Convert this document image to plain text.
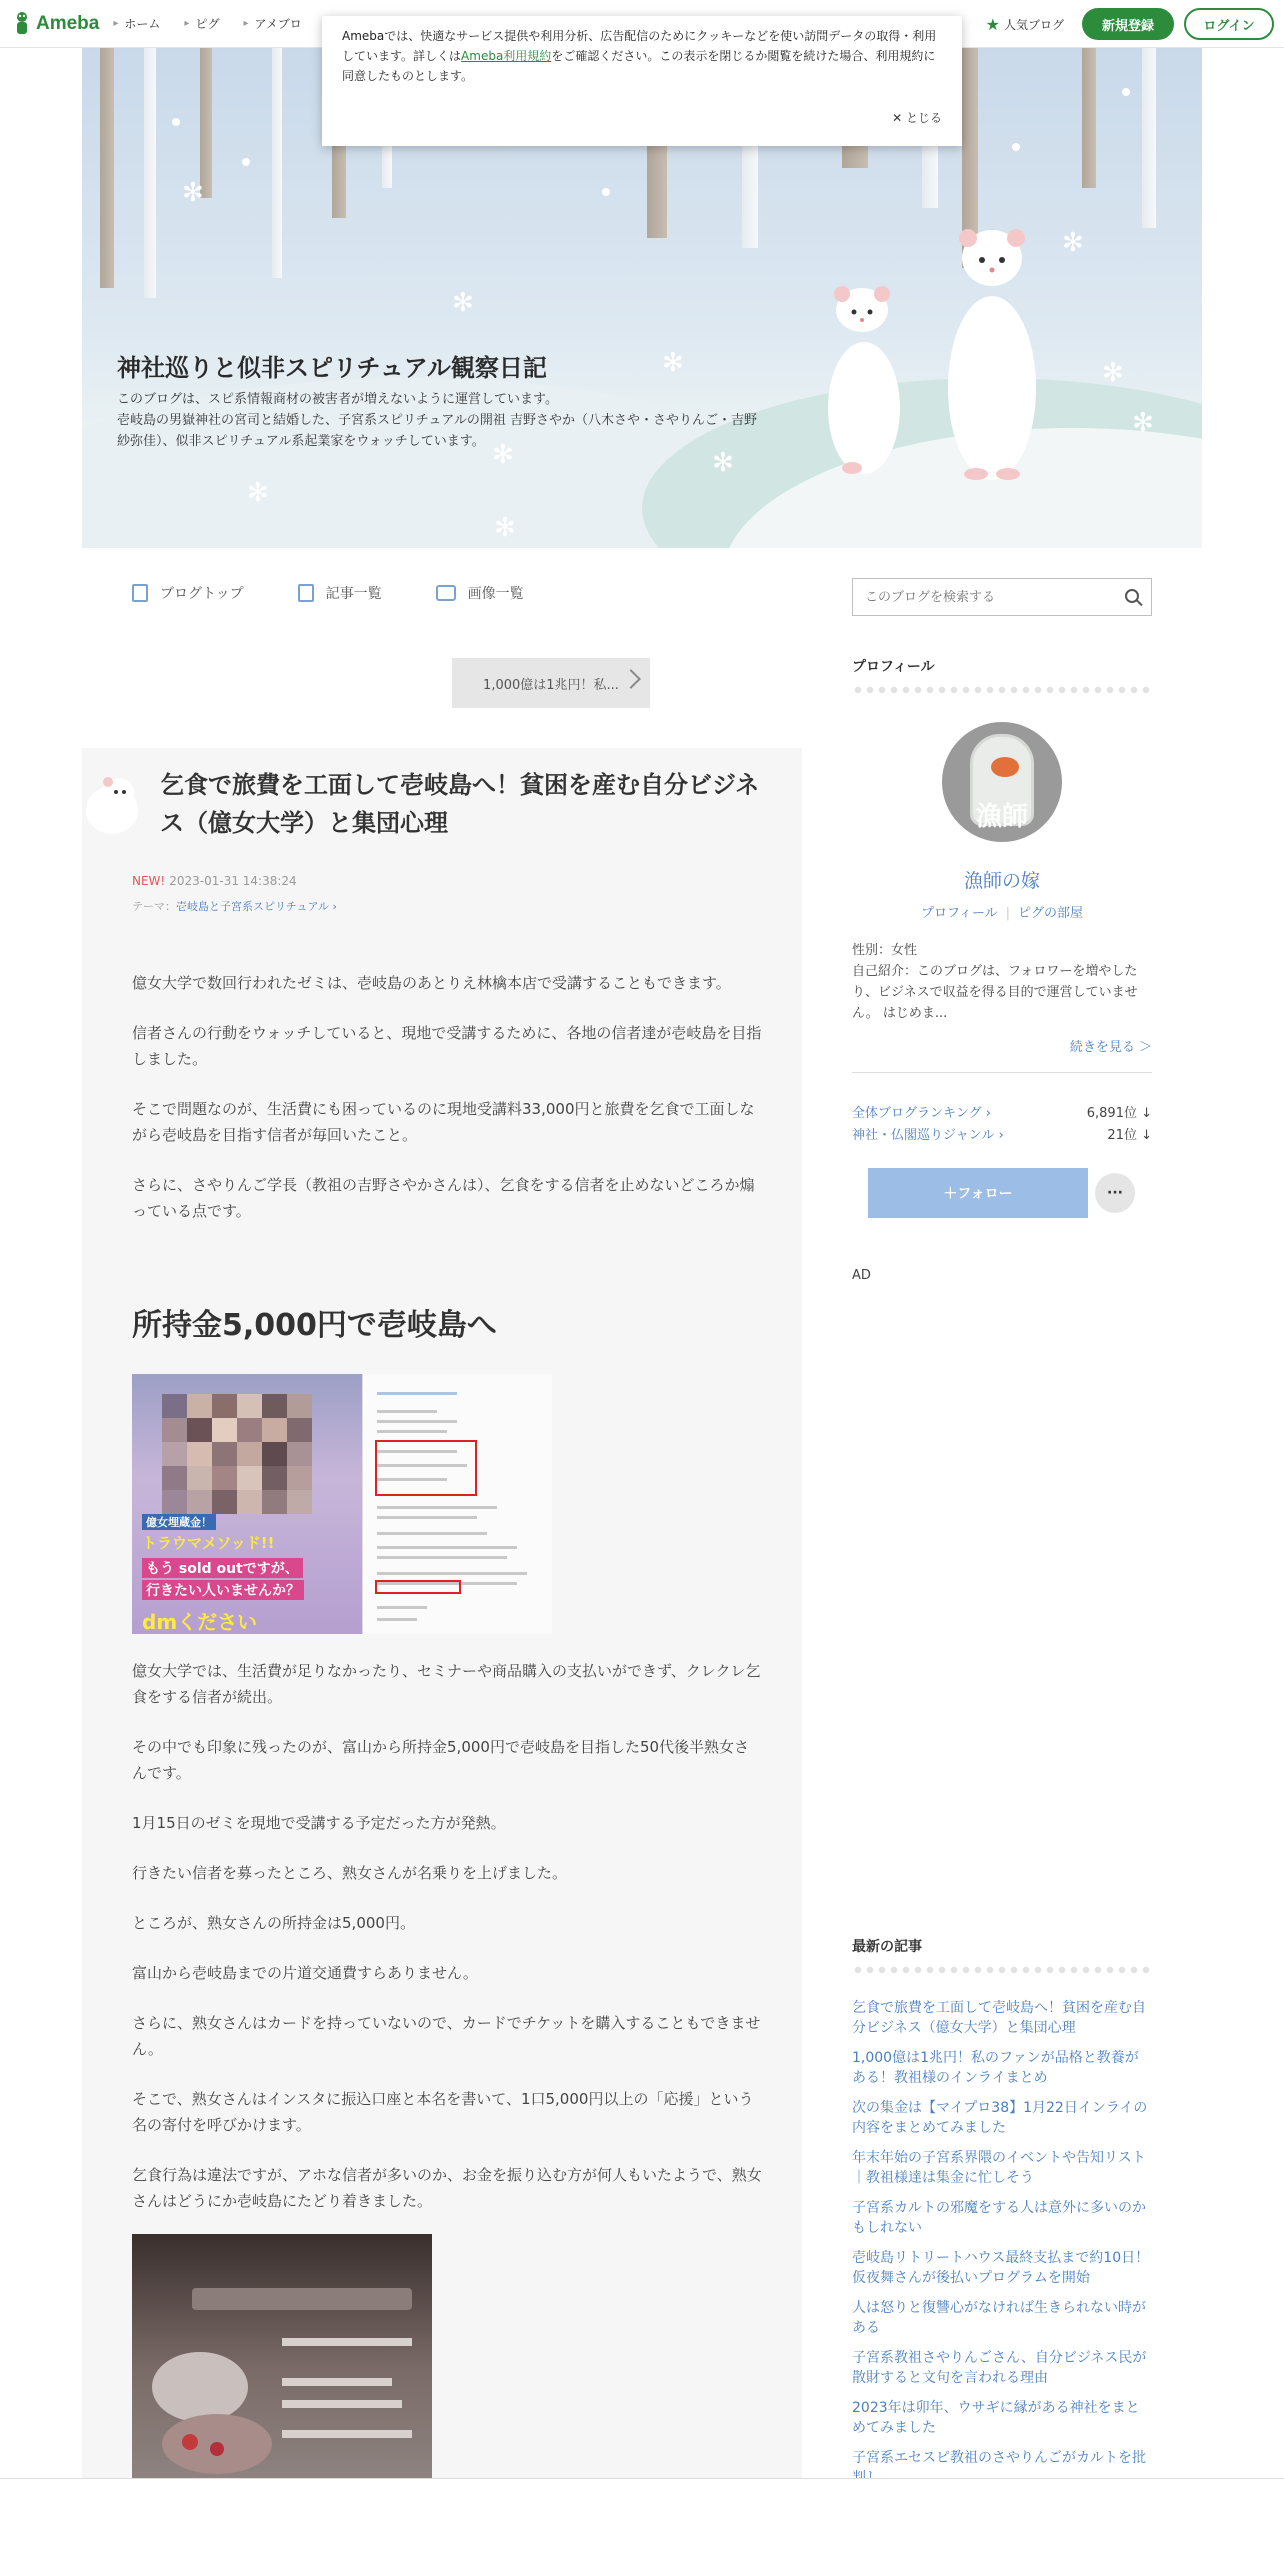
Ameba ▸ ホーム ▸ ピグ ▸ アメブロ	★ 人気ブログ	新規登録	ログイン
Amebaでは、快適なサービス提供や利用分析、広告配信のためにクッキーなどを使い訪問データの取得・利用しています。詳しくはAmeba利用規約をご確認ください。この表示を閉じるか閲覧を続けた場合、利用規約に同意したものとします。
✕ とじる
✻
✻
✻	✻
✻
✻
✻	✻
✻
✻
神社巡りと似非スピリチュアル観察日記
このブログは、スピ系情報商材の被害者が増えないように運営しています。
壱岐島の男嶽神社の宮司と結婚した、子宮系スピリチュアルの開祖 吉野さやか（八木さや・さやりんご・吉野紗弥佳）、似非スピリチュアル系起業家をウォッチしています。
ブログトップ	記事一覧	画像一覧
このブログを検索する
1,000億は1兆円！私...
乞食で旅費を工面して壱岐島へ！貧困を産む自分ビジネス（億女大学）と集団心理
NEW! 2023-01-31 14:38:24
テーマ：壱岐島と子宮系スピリチュアル ›

億女大学で数回行われたゼミは、壱岐島のあとりえ林檎本店で受講することもできます。

信者さんの行動をウォッチしていると、現地で受講するために、各地の信者達が壱岐島を目指しました。

そこで問題なのが、生活費にも困っているのに現地受講料33,000円と旅費を乞食で工面しながら壱岐島を目指す信者が毎回いたこと。

さらに、さやりんご学長（教祖の吉野さやかさんは）、乞食をする信者を止めないどころか煽っている点です。

所持金5,000円で壱岐島へ
億女埋蔵金！
トラウマメソッド!!
もう sold outですが、
行きたい人いませんか？
dmください

億女大学では、生活費が足りなかったり、セミナーや商品購入の支払いができず、クレクレ乞食をする信者が続出。

その中でも印象に残ったのが、富山から所持金5,000円で壱岐島を目指した50代後半熟女さんです。

1月15日のゼミを現地で受講する予定だった方が発熱。

行きたい信者を募ったところ、熟女さんが名乗りを上げました。

ところが、熟女さんの所持金は5,000円。

富山から壱岐島までの片道交通費すらありません。

さらに、熟女さんはカードを持っていないので、カードでチケットを購入することもできません。

そこで、熟女さんはインスタに振込口座と本名を書いて、1口5,000円以上の「応援」という名の寄付を呼びかけます。

乞食行為は違法ですが、アホな信者が多いのか、お金を振り込む方が何人もいたようで、熟女さんはどうにか壱岐島にたどり着きました。

プロフィール
漁師
漁師の嫁
プロフィール | ピグの部屋
性別：女性
自己紹介：このブログは、フォロワーを増やしたり、ビジネスで収益を得る目的で運営していません。 はじめま...
続きを見る ＞
全体ブログランキング ›	6,891位 ↓
神社・仏閣巡りジャンル ›	21位 ↓
＋フォロー	···
AD
最新の記事
乞食で旅費を工面して壱岐島へ！貧困を産む自分ビジネス（億女大学）と集団心理
1,000億は1兆円！私のファンが品格と教養がある！教祖様のインライまとめ
次の集金は【マイプロ38】1月22日インライの内容をまとめてみました
年末年始の子宮系界隈のイベントや告知リスト｜教祖様達は集金に忙しそう
子宮系カルトの邪魔をする人は意外に多いのかもしれない
壱岐島リトリートハウス最終支払まで約10日！仮夜舞さんが後払いプログラムを開始
人は怒りと復讐心がなければ生きられない時がある
子宮系教祖さやりんごさん、自分ビジネス民が散財すると文句を言われる理由
2023年は卯年、ウサギに縁がある神社をまとめてみました
子宮系エセスピ教祖のさやりんごがカルトを批
